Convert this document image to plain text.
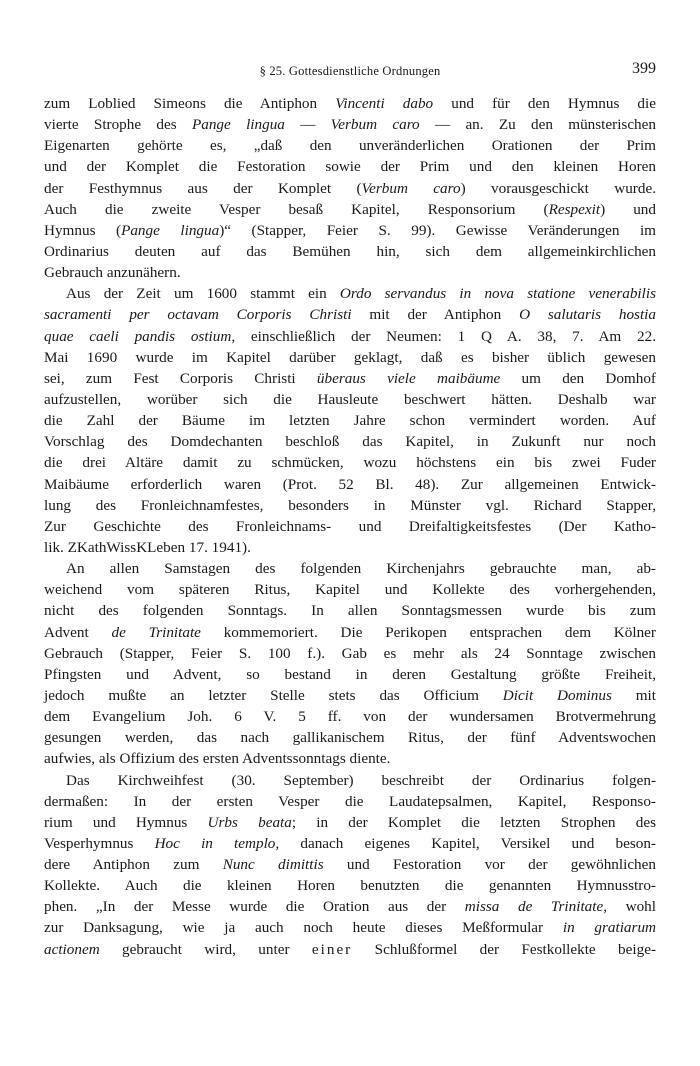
§ 25. Gottesdienstliche Ordnungen	399
zum Loblied Simeons die Antiphon Vincenti dabo und für den Hymnus die
vierte Strophe des Pange lingua — Verbum caro — an. Zu den münsterischen
Eigenarten gehörte es, „daß den unveränderlichen Orationen der Prim
und der Komplet die Festoration sowie der Prim und den kleinen Horen
der Festhymnus aus der Komplet (Verbum caro) vorausgeschickt wurde.
Auch die zweite Vesper besaß Kapitel, Responsorium (Respexit) und
Hymnus (Pange lingua)“ (Stapper, Feier S. 99). Gewisse Veränderungen im
Ordinarius deuten auf das Bemühen hin, sich dem allgemeinkirchlichen
Gebrauch anzunähern.
Aus der Zeit um 1600 stammt ein Ordo servandus in nova statione venerabilis
sacramenti per octavam Corporis Christi mit der Antiphon O salutaris hostia
quae caeli pandis ostium, einschließlich der Neumen: 1 Q A. 38, 7. Am 22.
Mai 1690 wurde im Kapitel darüber geklagt, daß es bisher üblich gewesen
sei, zum Fest Corporis Christi überaus viele maibäume um den Domhof
aufzustellen, worüber sich die Hausleute beschwert hätten. Deshalb war
die Zahl der Bäume im letzten Jahre schon vermindert worden. Auf
Vorschlag des Domdechanten beschloß das Kapitel, in Zukunft nur noch
die drei Altäre damit zu schmücken, wozu höchstens ein bis zwei Fuder
Maibäume erforderlich waren (Prot. 52 Bl. 48). Zur allgemeinen Entwick-
lung des Fronleichnamfestes, besonders in Münster vgl. Richard Stapper,
Zur Geschichte des Fronleichnams- und Dreifaltigkeitsfestes (Der Katho-
lik. ZKathWissKLeben 17. 1941).
An allen Samstagen des folgenden Kirchenjahrs gebrauchte man, ab-
weichend vom späteren Ritus, Kapitel und Kollekte des vorhergehenden,
nicht des folgenden Sonntags. In allen Sonntagsmessen wurde bis zum
Advent de Trinitate kommemoriert. Die Perikopen entsprachen dem Kölner
Gebrauch (Stapper, Feier S. 100 f.). Gab es mehr als 24 Sonntage zwischen
Pfingsten und Advent, so bestand in deren Gestaltung größte Freiheit,
jedoch mußte an letzter Stelle stets das Officium Dicit Dominus mit
dem Evangelium Joh. 6 V. 5 ff. von der wundersamen Brotvermehrung
gesungen werden, das nach gallikanischem Ritus, der fünf Adventswochen
aufwies, als Offizium des ersten Adventssonntags diente.
Das Kirchweihfest (30. September) beschreibt der Ordinarius folgen-
dermaßen: In der ersten Vesper die Laudatepsalmen, Kapitel, Responso-
rium und Hymnus Urbs beata; in der Komplet die letzten Strophen des
Vesperhymnus Hoc in templo, danach eigenes Kapitel, Versikel und beson-
dere Antiphon zum Nunc dimittis und Festoration vor der gewöhnlichen
Kollekte. Auch die kleinen Horen benutzten die genannten Hymnusstro-
phen. „In der Messe wurde die Oration aus der missa de Trinitate, wohl
zur Danksagung, wie ja auch noch heute dieses Meßformular in gratiarum
actionem gebraucht wird, unter einer Schlußformel der Festkollekte beige-
